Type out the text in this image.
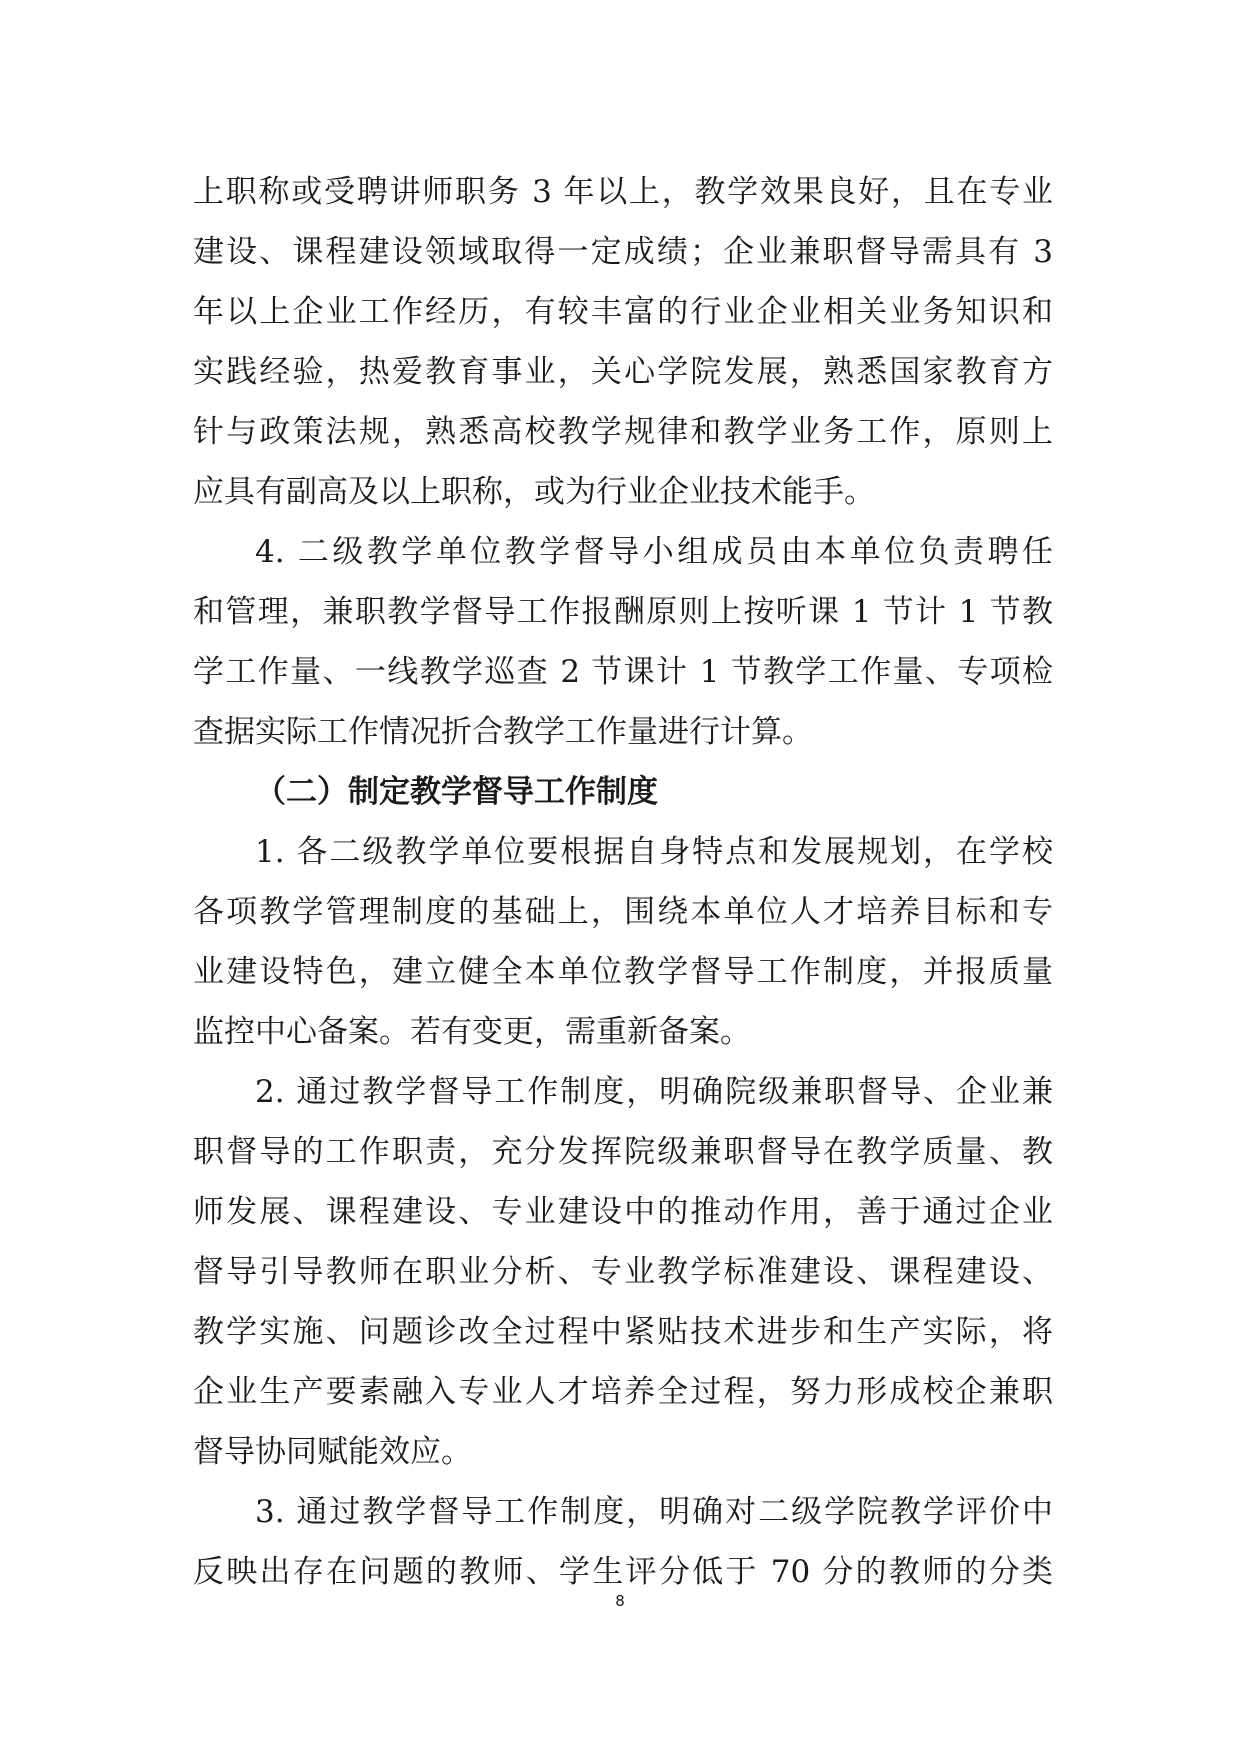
上职称或受聘讲师职务 3 年以上，教学效果良好，且在专业
建设、课程建设领域取得一定成绩；企业兼职督导需具有 3
年以上企业工作经历，有较丰富的行业企业相关业务知识和
实践经验，热爱教育事业，关心学院发展，熟悉国家教育方
针与政策法规，熟悉高校教学规律和教学业务工作，原则上
应具有副高及以上职称，或为行业企业技术能手。
4. 二级教学单位教学督导小组成员由本单位负责聘任
和管理，兼职教学督导工作报酬原则上按听课 1 节计 1 节教
学工作量、一线教学巡查 2 节课计 1 节教学工作量、专项检
查据实际工作情况折合教学工作量进行计算。
（二）制定教学督导工作制度
1. 各二级教学单位要根据自身特点和发展规划，在学校
各项教学管理制度的基础上，围绕本单位人才培养目标和专
业建设特色，建立健全本单位教学督导工作制度，并报质量
监控中心备案。若有变更，需重新备案。
2. 通过教学督导工作制度，明确院级兼职督导、企业兼
职督导的工作职责，充分发挥院级兼职督导在教学质量、教
师发展、课程建设、专业建设中的推动作用，善于通过企业
督导引导教师在职业分析、专业教学标准建设、课程建设、
教学实施、问题诊改全过程中紧贴技术进步和生产实际，将
企业生产要素融入专业人才培养全过程，努力形成校企兼职
督导协同赋能效应。
3. 通过教学督导工作制度，明确对二级学院教学评价中
反映出存在问题的教师、学生评分低于 70 分的教师的分类
8
